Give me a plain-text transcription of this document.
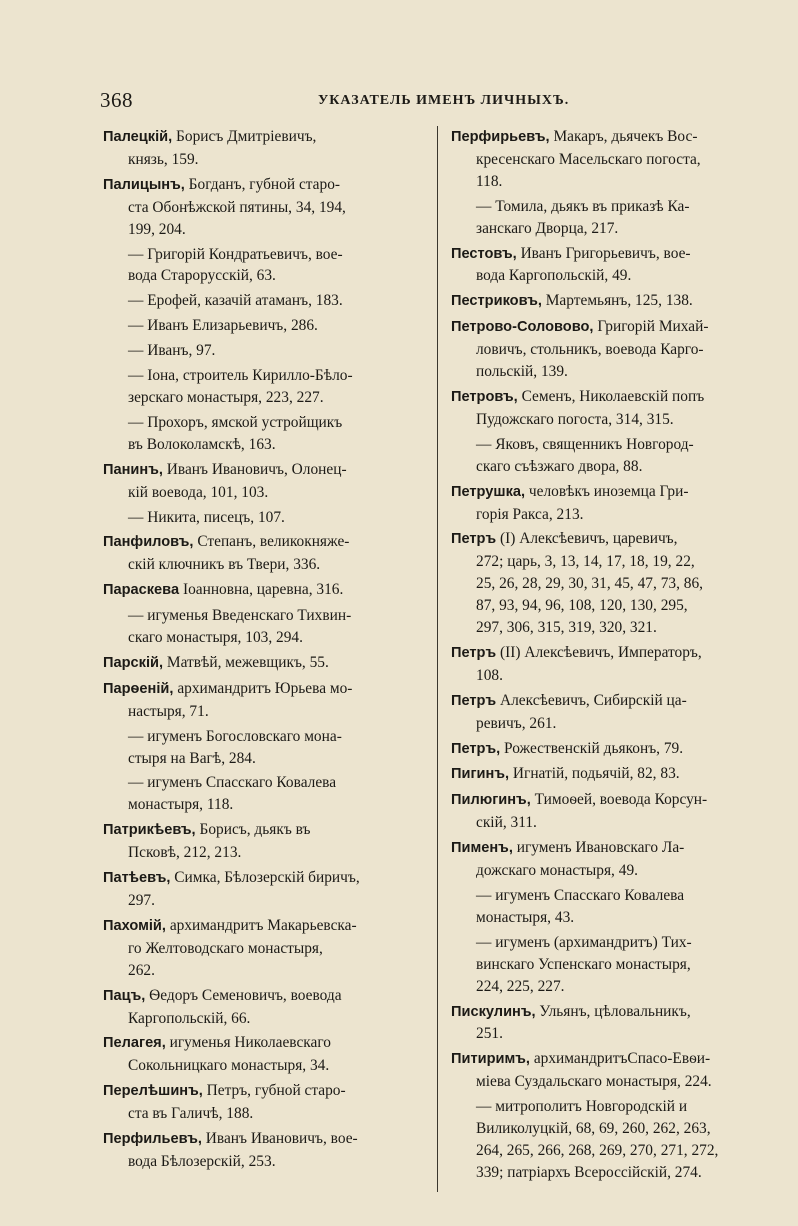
368	УКАЗАТЕЛЬ ИМЕНЪ ЛИЧНЫХЪ.
Палецкій, Борисъ Дмитріевичъ,
князь, 159.
Палицынъ, Богданъ, губной старо-
ста Обонѣжской пятины, 34, 194,
199, 204.
— Григорій Кондратьевичъ, вое-
вода Старорусскій, 63.
— Ерофей, казачій атаманъ, 183.
— Иванъ Елизарьевичъ, 286.
— Иванъ, 97.
— Іона, строитель Кирилло-Бѣло-
зерскаго монастыря, 223, 227.
— Прохоръ, ямской устройщикъ
въ Волоколамскѣ, 163.
Панинъ, Иванъ Ивановичъ, Олонец-
кій воевода, 101, 103.
— Никита, писецъ, 107.
Панфиловъ, Степанъ, великокняже-
скій ключникъ въ Твери, 336.
Параскева Іоанновна, царевна, 316.
— игуменья Введенскаго Тихвин-
скаго монастыря, 103, 294.
Парскій, Матвѣй, межевщикъ, 55.
Парѳеній, архимандритъ Юрьева мо-
настыря, 71.
— игуменъ Богословскаго мона-
стыря на Вагѣ, 284.
— игуменъ Спасскаго Ковалева
монастыря, 118.
Патрикѣевъ, Борисъ, дьякъ въ
Псковѣ, 212, 213.
Патѣевъ, Симка, Бѣлозерскій биричъ,
297.
Пахомій, архимандритъ Макарьевска-
го Желтоводскаго монастыря,
262.
Пацъ, Ѳедоръ Семеновичъ, воевода
Каргопольскій, 66.
Пелагея, игуменья Николаевскаго
Сокольницкаго монастыря, 34.
Перелѣшинъ, Петръ, губной старо-
ста въ Галичѣ, 188.
Перфильевъ, Иванъ Ивановичъ, вое-
вода Бѣлозерскій, 253.
Перфирьевъ, Макаръ, дьячекъ Вос-
кресенскаго Масельскаго погоста,
118.
— Томила, дьякъ въ приказѣ Ка-
занскаго Дворца, 217.
Пестовъ, Иванъ Григорьевичъ, вое-
вода Каргопольскій, 49.
Пестриковъ, Мартемьянъ, 125, 138.
Петрово-Соловово, Григорій Михай-
ловичъ, стольникъ, воевода Карго-
польскій, 139.
Петровъ, Семенъ, Николаевскій попъ
Пудожскаго погоста, 314, 315.
— Яковъ, священникъ Новгород-
скаго съѣзжаго двора, 88.
Петрушка, человѣкъ иноземца Гри-
горія Ракса, 213.
Петръ (I) Алексѣевичъ, царевичъ,
272; царь, 3, 13, 14, 17, 18, 19, 22,
25, 26, 28, 29, 30, 31, 45, 47, 73, 86,
87, 93, 94, 96, 108, 120, 130, 295,
297, 306, 315, 319, 320, 321.
Петръ (II) Алексѣевичъ, Императоръ,
108.
Петръ Алексѣевичъ, Сибирскій ца-
ревичъ, 261.
Петръ, Рожественскій дьяконъ, 79.
Пигинъ, Игнатій, подьячій, 82, 83.
Пилюгинъ, Тимоѳей, воевода Корсун-
скій, 311.
Пименъ, игуменъ Ивановскаго Ла-
дожскаго монастыря, 49.
— игуменъ Спасскаго Ковалева
монастыря, 43.
— игуменъ (архимандритъ) Тих-
винскаго Успенскаго монастыря,
224, 225, 227.
Пискулинъ, Ульянъ, цѣловальникъ,
251.
Питиримъ, архимандритъСпасо-Евѳи-
міева Суздальскаго монастыря, 224.
— митрополитъ Новгородскій и
Виликолуцкій, 68, 69, 260, 262, 263,
264, 265, 266, 268, 269, 270, 271, 272,
339; патріархъ Всероссійскій, 274.
